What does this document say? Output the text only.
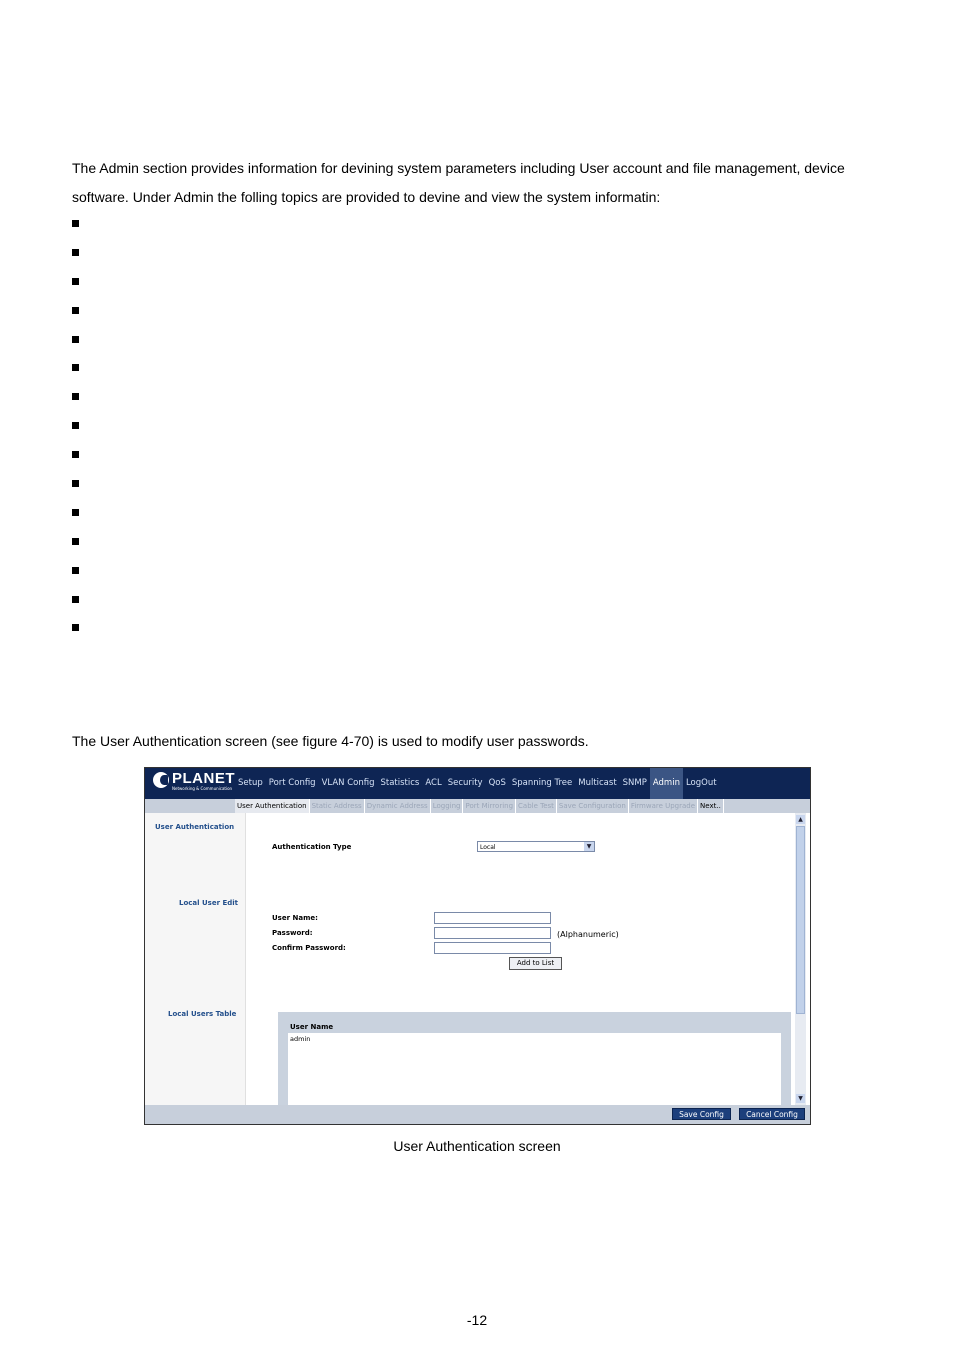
The Admin section provides information for devining system parameters including User account and file management, device software. Under Admin the folling topics are provided to devine and view the system informatin:
The User Authentication screen (see figure 4-70) is used to modify user passwords.
PLANET
Networking & Communication
Setup Port Config VLAN Config Statistics ACL Security QoS Spanning Tree Multicast SNMP Admin LogOut
User Authentication Static Address Dynamic Address Logging Port Mirroring Cable Test Save Configuration Firmware Upgrade Next..
User Authentication
Local User Edit
Local Users Table
Authentication Type	Local	▼
User Name:
Password:	(Alphanumeric)
Confirm Password:
Add to List
User Name
admin
▲
▼
Save Config	Cancel Config
User Authentication screen
-12
